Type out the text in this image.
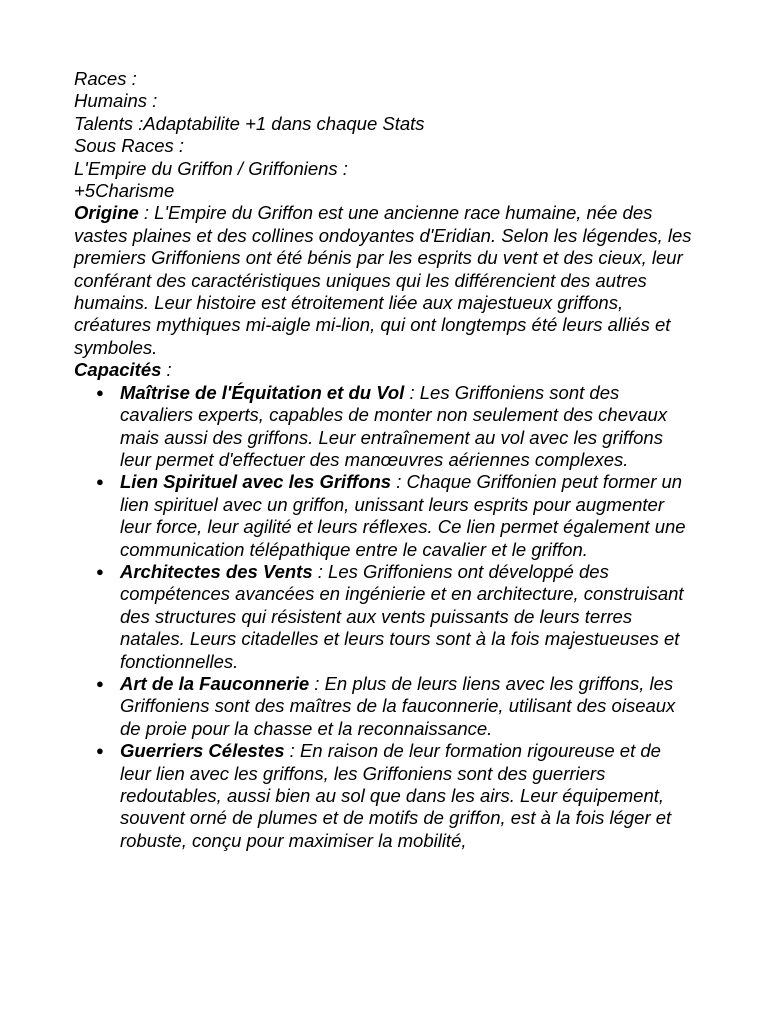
Races :
Humains :
Talents :Adaptabilite +1 dans chaque Stats
Sous Races :
L'Empire du Griffon / Griffoniens :
+5Charisme
Origine : L'Empire du Griffon est une ancienne race humaine, née des vastes plaines et des collines ondoyantes d'Eridian. Selon les légendes, les premiers Griffoniens ont été bénis par les esprits du vent et des cieux, leur conférant des caractéristiques uniques qui les différencient des autres humains. Leur histoire est étroitement liée aux majestueux griffons, créatures mythiques mi-aigle mi-lion, qui ont longtemps été leurs alliés et symboles.
Capacités :
● Maîtrise de l'Équitation et du Vol : Les Griffoniens sont des cavaliers experts, capables de monter non seulement des chevaux mais aussi des griffons. Leur entraînement au vol avec les griffons leur permet d'effectuer des manœuvres aériennes complexes.
● Lien Spirituel avec les Griffons : Chaque Griffonien peut former un lien spirituel avec un griffon, unissant leurs esprits pour augmenter leur force, leur agilité et leurs réflexes. Ce lien permet également une communication télépathique entre le cavalier et le griffon.
● Architectes des Vents : Les Griffoniens ont développé des compétences avancées en ingénierie et en architecture, construisant des structures qui résistent aux vents puissants de leurs terres natales. Leurs citadelles et leurs tours sont à la fois majestueuses et fonctionnelles.
● Art de la Fauconnerie : En plus de leurs liens avec les griffons, les Griffoniens sont des maîtres de la fauconnerie, utilisant des oiseaux de proie pour la chasse et la reconnaissance.
● Guerriers Célestes : En raison de leur formation rigoureuse et de leur lien avec les griffons, les Griffoniens sont des guerriers redoutables, aussi bien au sol que dans les airs. Leur équipement, souvent orné de plumes et de motifs de griffon, est à la fois léger et robuste, conçu pour maximiser la mobilité,
